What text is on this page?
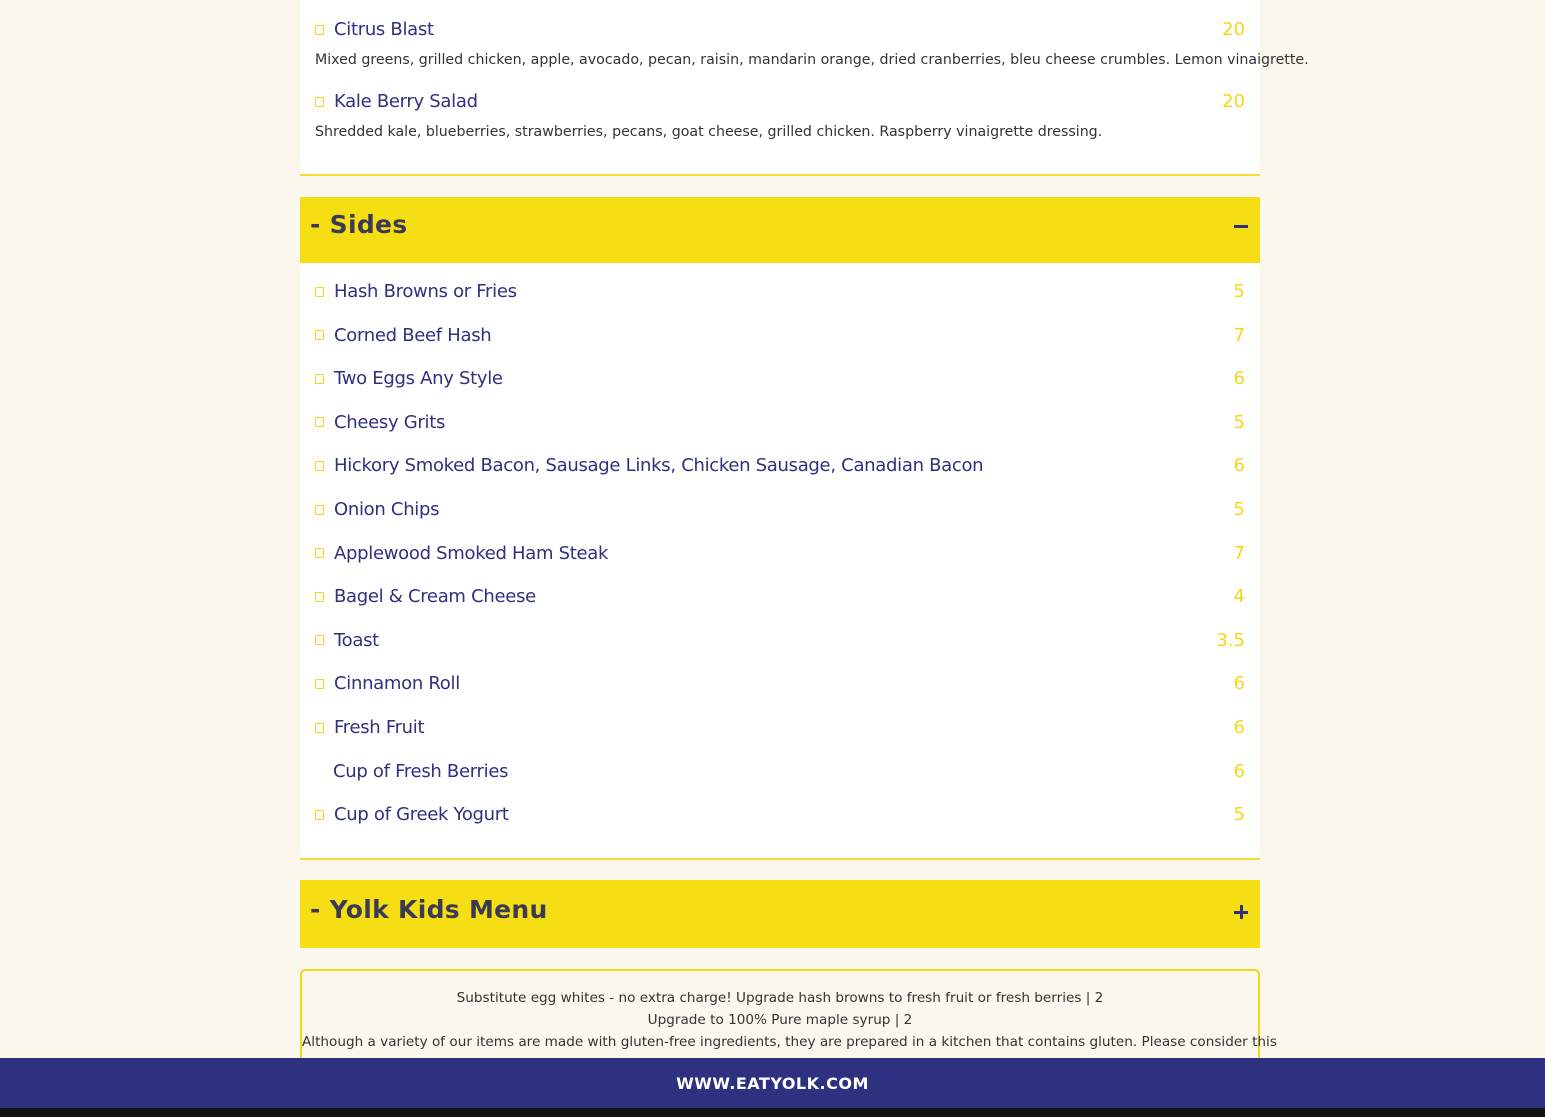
Citrus Blast	20
Mixed greens, grilled chicken, apple, avocado, pecan, raisin, mandarin orange, dried cranberries, bleu cheese crumbles. Lemon vinaigrette.
Kale Berry Salad	20
Shredded kale, blueberries, strawberries, pecans, goat cheese, grilled chicken. Raspberry vinaigrette dressing.
- Sides
Hash Browns or Fries	5
Corned Beef Hash	7
Two Eggs Any Style	6
Cheesy Grits	5
Hickory Smoked Bacon, Sausage Links, Chicken Sausage, Canadian Bacon	6
Onion Chips	5
Applewood Smoked Ham Steak	7
Bagel & Cream Cheese	4
Toast	3.5
Cinnamon Roll	6
Fresh Fruit	6
Cup of Fresh Berries	6
Cup of Greek Yogurt	5
- Yolk Kids Menu
Substitute egg whites - no extra charge! Upgrade hash browns to fresh fruit or fresh berries | 2
Upgrade to 100% Pure maple syrup | 2
Although a variety of our items are made with gluten-free ingredients, they are prepared in a kitchen that contains gluten. Please consider this
WWW.EATYOLK.COM
